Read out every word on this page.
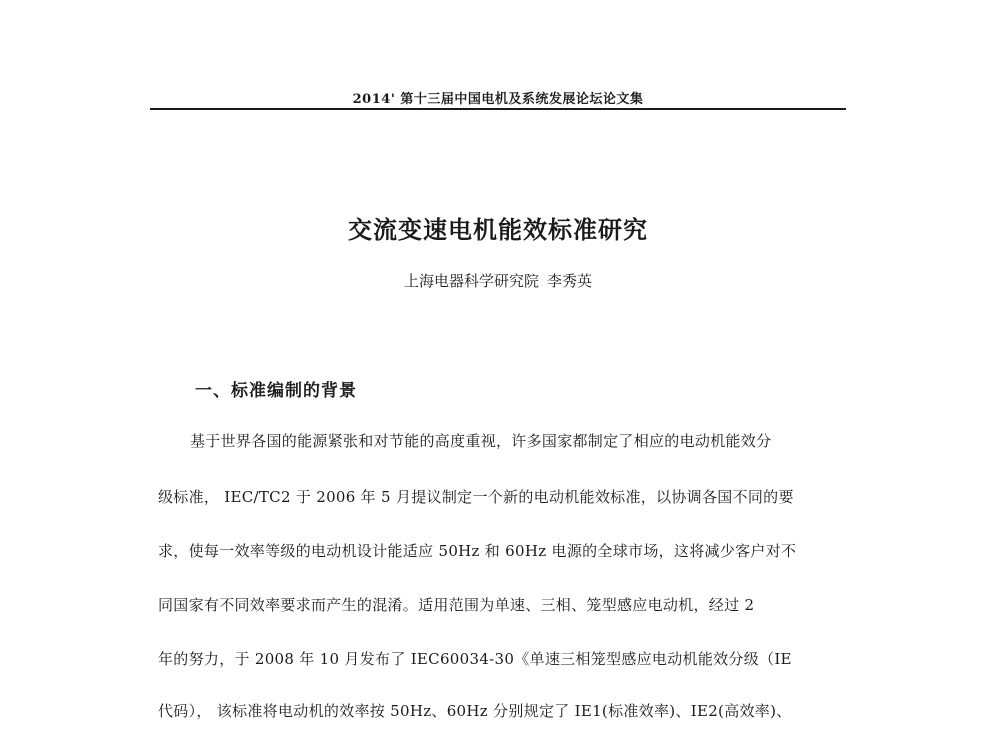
2014' 第十三届中国电机及系统发展论坛论文集
交流变速电机能效标准研究
上海电器科学研究院 李秀英
一、标准编制的背景
基于世界各国的能源紧张和对节能的高度重视，许多国家都制定了相应的电动机能效分
级标准， IEC/TC2 于 2006 年 5 月提议制定一个新的电动机能效标准，以协调各国不同的要
求，使每一效率等级的电动机设计能适应 50Hz 和 60Hz 电源的全球市场，这将减少客户对不
同国家有不同效率要求而产生的混淆。适用范围为单速、三相、笼型感应电动机，经过 2
年的努力，于 2008 年 10 月发布了 IEC60034-30《单速三相笼型感应电动机能效分级（IE
代码）， 该标准将电动机的效率按 50Hz、60Hz 分别规定了 IE1(标准效率)、IE2(高效率)、
